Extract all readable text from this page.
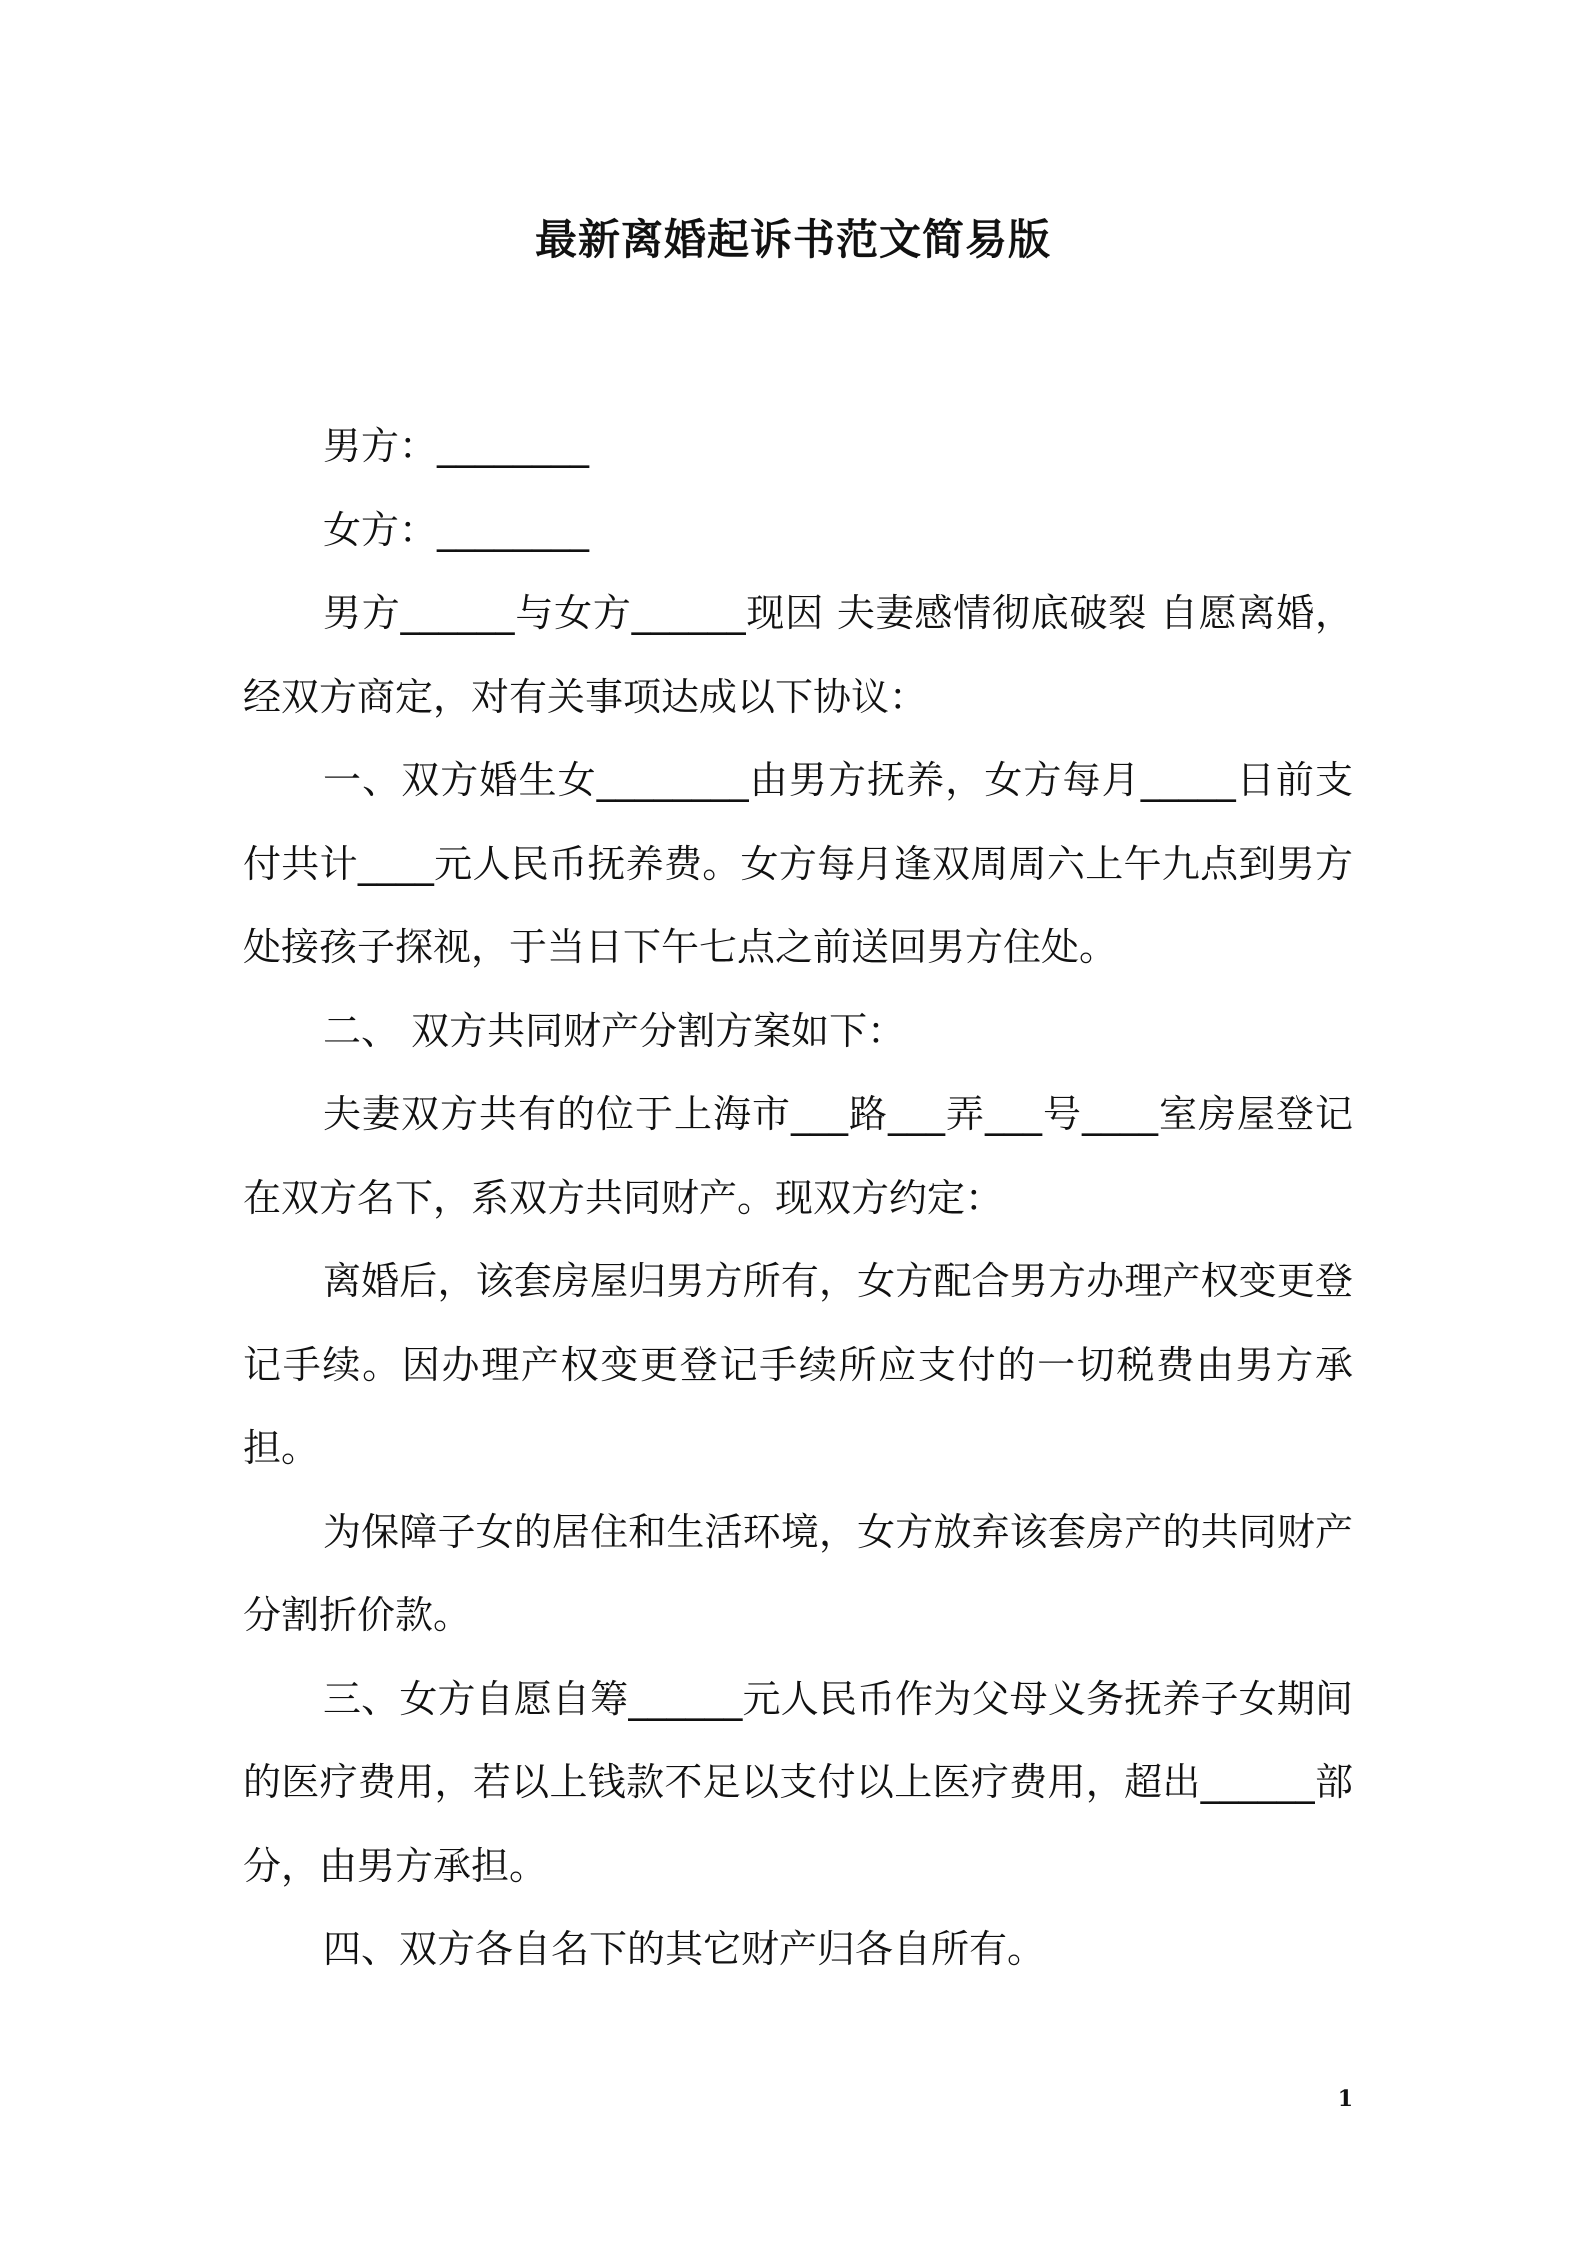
最新离婚起诉书范文简易版

男方：________

女方：________

男方______与女方______现因 夫妻感情彻底破裂 自愿离婚，经双方商定，对有关事项达成以下协议：

一、双方婚生女________由男方抚养，女方每月_____日前支付共计____元人民币抚养费。女方每月逢双周周六上午九点到男方处接孩子探视，于当日下午七点之前送回男方住处。

二、 双方共同财产分割方案如下：

夫妻双方共有的位于上海市___路___弄___号____室房屋登记在双方名下，系双方共同财产。现双方约定：

离婚后，该套房屋归男方所有，女方配合男方办理产权变更登记手续。因办理产权变更登记手续所应支付的一切税费由男方承担。

为保障子女的居住和生活环境，女方放弃该套房产的共同财产分割折价款。

三、女方自愿自筹______元人民币作为父母义务抚养子女期间的医疗费用，若以上钱款不足以支付以上医疗费用，超出______部分，由男方承担。

四、双方各自名下的其它财产归各自所有。

1
